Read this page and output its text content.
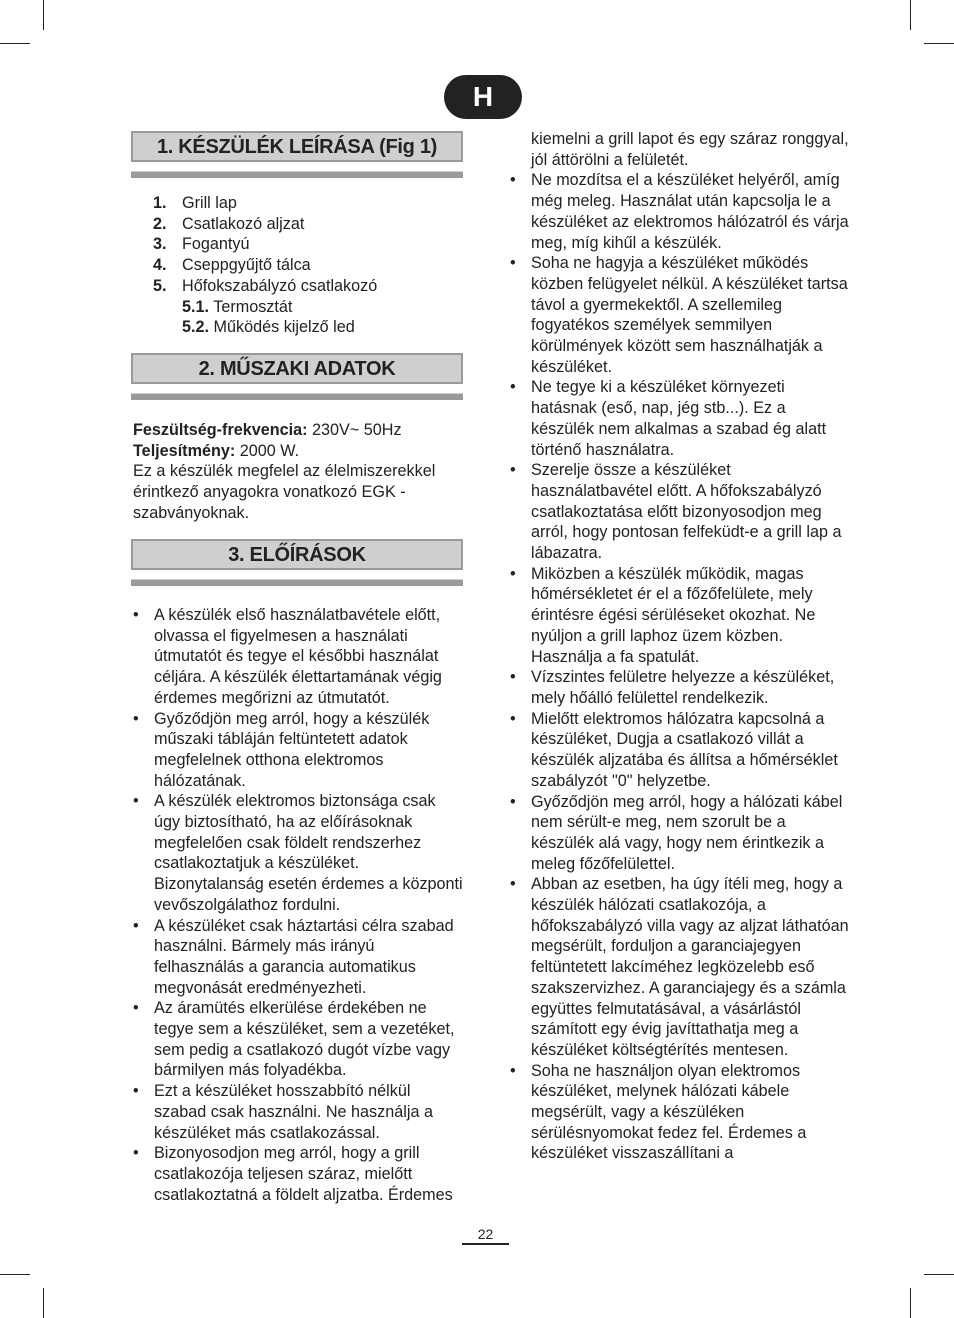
H
1. KÉSZÜLÉK LEÍRÁSA (Fig 1)
1. Grill lap
2. Csatlakozó aljzat
3. Fogantyú
4. Cseppgyűjtő tálca
5. Hőfokszabályzó csatlakozó
5.1. Termosztát
5.2. Működés kijelző led
2. MŰSZAKI ADATOK
Feszültség-frekvencia: 230V~ 50Hz
Teljesítmény: 2000 W.
Ez a készülék megfelel az élelmiszerekkel érintkező anyagokra vonatkozó EGK - szabványoknak.
3. ELŐÍRÁSOK
• A készülék első használatbavétele előtt, olvassa el figyelmesen a használati útmutatót és tegye el későbbi használat céljára. A készülék élettartamának végig érdemes megőrizni az útmutatót.
• Győződjön meg arról, hogy a készülék műszaki tábláján feltüntetett adatok megfelelnek otthona elektromos hálózatának.
• A készülék elektromos biztonsága csak úgy biztosítható, ha az előírásoknak megfelelően csak földelt rendszerhez csatlakoztatjuk a készüléket. Bizonytalanság esetén érdemes a központi vevőszolgálathoz fordulni.
• A készüléket csak háztartási célra szabad használni. Bármely más irányú felhasználás a garancia automatikus megvonását eredményezheti.
• Az áramütés elkerülése érdekében ne tegye sem a készüléket, sem a vezetéket, sem pedig a csatlakozó dugót vízbe vagy bármilyen más folyadékba.
• Ezt a készüléket hosszabbító nélkül szabad csak használni. Ne használja a készüléket más csatlakozással.
• Bizonyosodjon meg arról, hogy a grill csatlakozója teljesen száraz, mielőtt csatlakoztatná a földelt aljzatba. Érdemes
kiemelni a grill lapot és egy száraz ronggyal, jól áttörölni a felületét.
• Ne mozdítsa el a készüléket helyéről, amíg még meleg. Használat után kapcsolja le a készüléket az elektromos hálózatról és várja meg, míg kihűl a készülék.
• Soha ne hagyja a készüléket működés közben felügyelet nélkül. A készüléket tartsa távol a gyermekektől. A szellemileg fogyatékos személyek semmilyen körülmények között sem használhatják a készüléket.
• Ne tegye ki a készüléket környezeti hatásnak (eső, nap, jég stb...). Ez a készülék nem alkalmas a szabad ég alatt történő használatra.
• Szerelje össze a készüléket használatbavétel előtt. A hőfokszabályzó csatlakoztatása előtt bizonyosodjon meg arról, hogy pontosan felfeküdt-e a grill lap a lábazatra.
• Miközben a készülék működik, magas hőmérsékletet ér el a főzőfelülete, mely érintésre égési sérüléseket okozhat. Ne nyúljon a grill laphoz üzem közben. Használja a fa spatulát.
• Vízszintes felületre helyezze a készüléket, mely hőálló felülettel rendelkezik.
• Mielőtt elektromos hálózatra kapcsolná a készüléket, Dugja a csatlakozó villát a készülék aljzatába és állítsa a hőmérséklet szabályzót "0" helyzetbe.
• Győződjön meg arról, hogy a hálózati kábel nem sérült-e meg, nem szorult be a készülék alá vagy, hogy nem érintkezik a meleg főzőfelülettel.
• Abban az esetben, ha úgy ítéli meg, hogy a készülék hálózati csatlakozója, a hőfokszabályzó villa vagy az aljzat láthatóan megsérült, forduljon a garanciajegyen feltüntetett lakcíméhez legközelebb eső szakszervizhez. A garanciajegy és a számla együttes felmutatásával, a vásárlástól számított egy évig javíttathatja meg a készüléket költségtérítés mentesen.
• Soha ne használjon olyan elektromos készüléket, melynek hálózati kábele megsérült, vagy a készüléken sérülésnyomokat fedez fel. Érdemes a készüléket visszaszállítani a
22
